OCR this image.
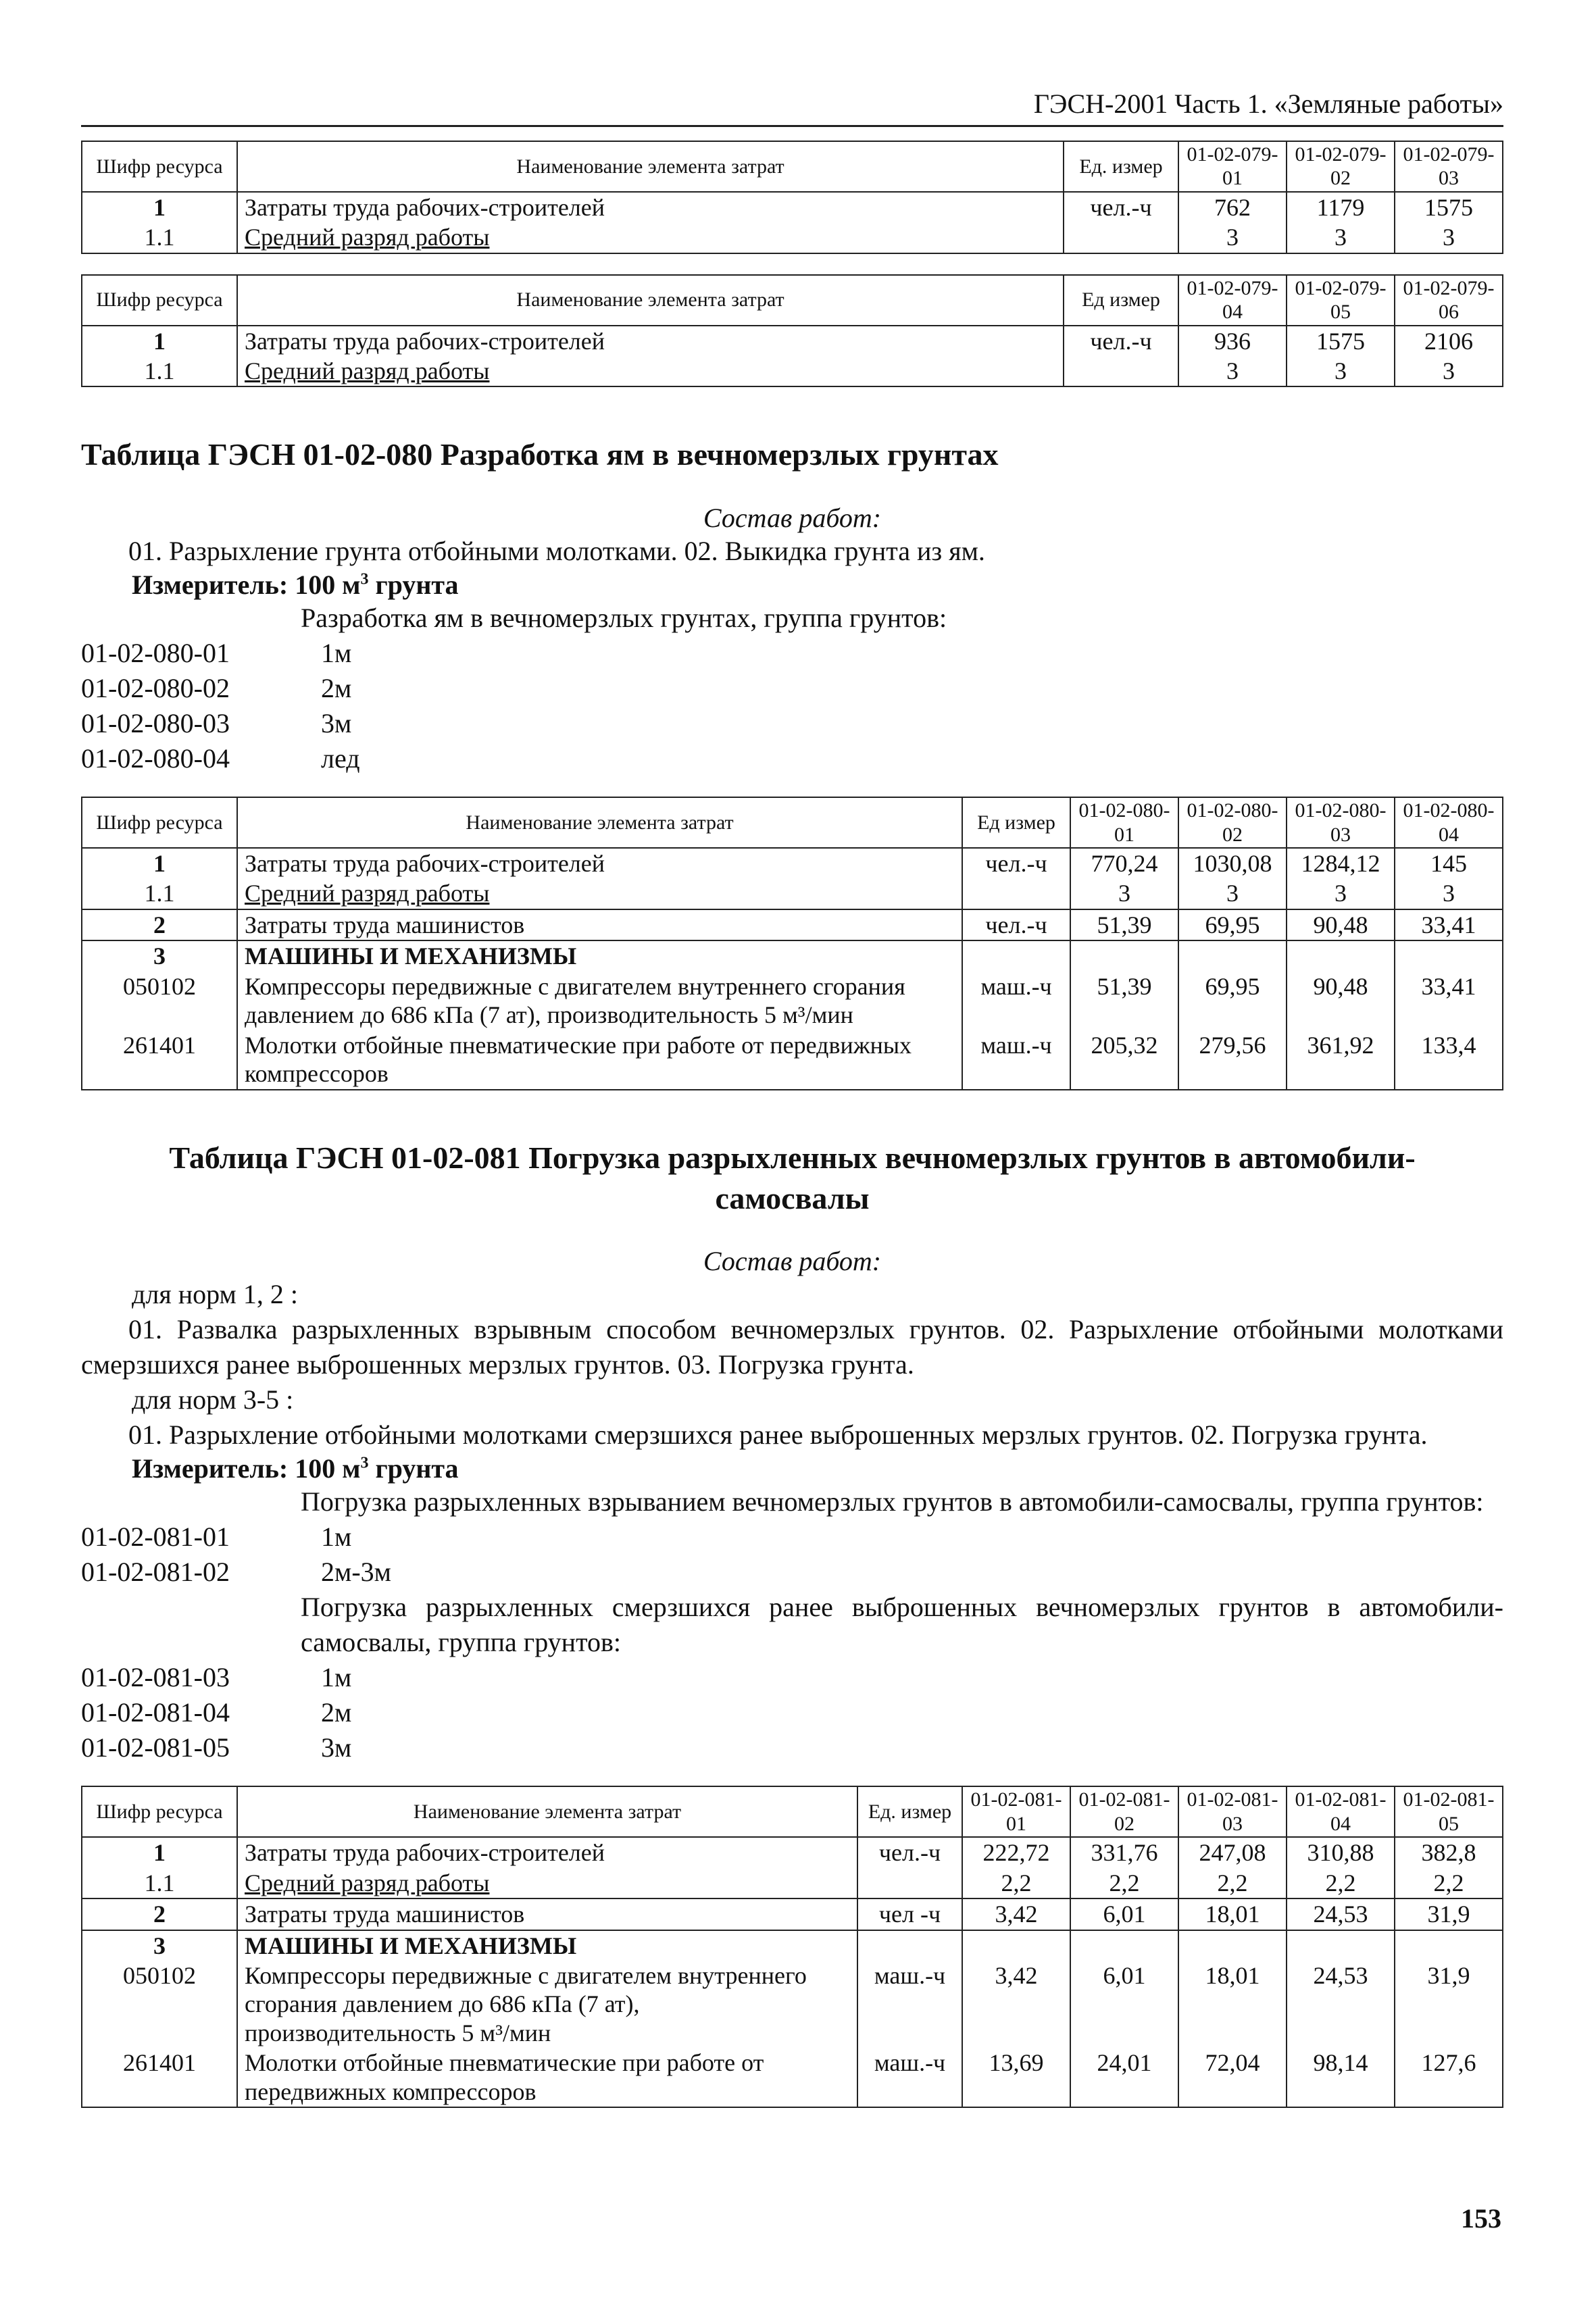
ГЭСН-2001 Часть 1. «Земляные работы»
Шифр ресурса	Наименование элемента затрат	Ед. измер	01-02-079-01	01-02-079-02	01-02-079-03
1	Затраты труда рабочих-строителей	чел.-ч	762	1179	1575
1.1	Средний разряд работы		3	3	3
Шифр ресурса	Наименование элемента затрат	Ед измер	01-02-079-04	01-02-079-05	01-02-079-06
1	Затраты труда рабочих-строителей	чел.-ч	936	1575	2106
1.1	Средний разряд работы		3	3	3
Таблица ГЭСН 01-02-080 Разработка ям в вечномерзлых грунтах
Состав работ:
01. Разрыхление грунта отбойными молотками. 02. Выкидка грунта из ям.
Измеритель: 100 $м^3$ грунта
Разработка ям в вечномерзлых грунтах, группа грунтов:
01-02-080-01	1м
01-02-080-02	2м
01-02-080-03	3м
01-02-080-04	лед
Шифр ресурса	Наименование элемента затрат	Ед измер	01-02-080-01	01-02-080-02	01-02-080-03	01-02-080-04
1	Затраты труда рабочих-строителей	чел.-ч	770,24	1030,08	1284,12	145
1.1	Средний разряд работы		3	3	3	3
2	Затраты труда машинистов	чел.-ч	51,39	69,95	90,48	33,41
3	МАШИНЫ И МЕХАНИЗМЫ					
050102	Компрессоры передвижные с двигателем внутреннего сгорания давлением до 686 кПа (7 ат), производительность 5 м³/мин	маш.-ч	51,39	69,95	90,48	33,41
261401	Молотки отбойные пневматические при работе от передвижных компрессоров	маш.-ч	205,32	279,56	361,92	133,4
Таблица ГЭСН 01-02-081 Погрузка разрыхленных вечномерзлых грунтов в автомобили-
самосвалы
Состав работ:
для норм 1, 2 :
01. Развалка разрыхленных взрывным способом вечномерзлых грунтов. 02. Разрыхление отбойными молотками смерзшихся ранее выброшенных мерзлых грунтов. 03. Погрузка грунта.
для норм 3-5 :
01. Разрыхление отбойными молотками смерзшихся ранее выброшенных мерзлых грунтов. 02. Погрузка грунта.
Измеритель: 100 $м^3$ грунта
Погрузка разрыхленных взрыванием вечномерзлых грунтов в автомобили-самосвалы, группа грунтов:
01-02-081-01	1м
01-02-081-02	2м-3м
Погрузка разрыхленных смерзшихся ранее выброшенных вечномерзлых грунтов в автомобили-самосвалы, группа грунтов:
01-02-081-03	1м
01-02-081-04	2м
01-02-081-05	3м
Шифр ресурса	Наименование элемента затрат	Ед. измер	01-02-081-01	01-02-081-02	01-02-081-03	01-02-081-04	01-02-081-05
1	Затраты труда рабочих-строителей	чел.-ч	222,72	331,76	247,08	310,88	382,8
1.1	Средний разряд работы		2,2	2,2	2,2	2,2	2,2
2	Затраты труда машинистов	чел -ч	3,42	6,01	18,01	24,53	31,9
3	МАШИНЫ И МЕХАНИЗМЫ						
050102	Компрессоры передвижные с двигателем внутреннего сгорания давлением до 686 кПа (7 ат), производительность 5 м³/мин	маш.-ч	3,42	6,01	18,01	24,53	31,9
261401	Молотки отбойные пневматические при работе от передвижных компрессоров	маш.-ч	13,69	24,01	72,04	98,14	127,6
153
